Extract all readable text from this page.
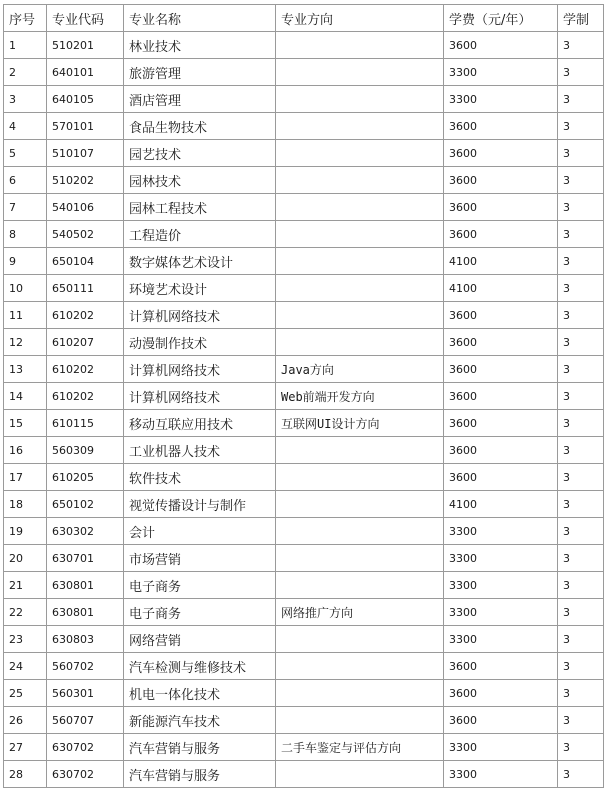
序号	专业代码	专业名称	专业方向	学费（元/年）	学制
1	510201	林业技术		3600	3
2	640101	旅游管理		3300	3
3	640105	酒店管理		3300	3
4	570101	食品生物技术		3600	3
5	510107	园艺技术		3600	3
6	510202	园林技术		3600	3
7	540106	园林工程技术		3600	3
8	540502	工程造价		3600	3
9	650104	数字媒体艺术设计		4100	3
10	650111	环境艺术设计		4100	3
11	610202	计算机网络技术		3600	3
12	610207	动漫制作技术		3600	3
13	610202	计算机网络技术	Java方向	3600	3
14	610202	计算机网络技术	Web前端开发方向	3600	3
15	610115	移动互联应用技术	互联网UI设计方向	3600	3
16	560309	工业机器人技术		3600	3
17	610205	软件技术		3600	3
18	650102	视觉传播设计与制作		4100	3
19	630302	会计		3300	3
20	630701	市场营销		3300	3
21	630801	电子商务		3300	3
22	630801	电子商务	网络推广方向	3300	3
23	630803	网络营销		3300	3
24	560702	汽车检测与维修技术		3600	3
25	560301	机电一体化技术		3600	3
26	560707	新能源汽车技术		3600	3
27	630702	汽车营销与服务	二手车鉴定与评估方向	3300	3
28	630702	汽车营销与服务		3300	3
